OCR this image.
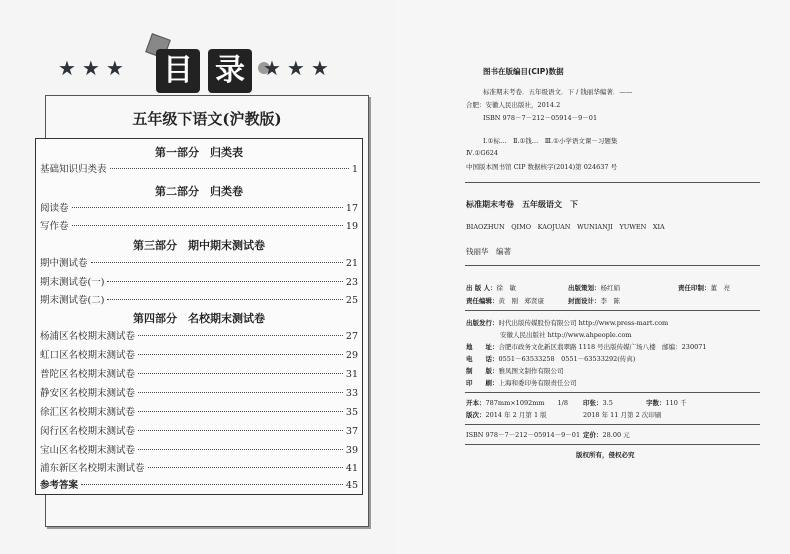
★★★ 目 录 ★★★
五年级下语文(沪教版)
第一部分　归类表
基础知识归类表	1
第二部分　归类卷
阅读卷	17
写作卷	19
第三部分　期中期末测试卷
期中测试卷	21
期末测试卷(一)	23
期末测试卷(二)	25
第四部分　名校期末测试卷
杨浦区名校期末测试卷	27
虹口区名校期末测试卷	29
普陀区名校期末测试卷	31
静安区名校期末测试卷	33
徐汇区名校期末测试卷	35
闵行区名校期末测试卷	37
宝山区名校期末测试卷	39
浦东新区名校期末测试卷	41
参考答案	45
图书在版编目(CIP)数据
标准期末考卷．五年级语文．下 / 钱丽华编著．——
合肥：安徽人民出版社，2014.2
ISBN 978－7－212－05914－9－01
Ⅰ.①标…　Ⅱ.①钱…　Ⅲ.①小学语文课－习题集
Ⅳ.①G624
中国版本图书馆 CIP 数据核字(2014)第 024637 号
标准期末考卷　五年级语文　下
BIAOZHUN　QIMO　KAOJUAN　WUNIANJI　YUWEN　XIA
钱丽华　编著
出 版 人：徐　敏	出版策划：杨红娟	责任印制：董　亮
责任编辑：黄　刚　郑贤康	封面设计：李　陈
出版发行：时代出版传媒股份有限公司 http://www.press-mart.com
安徽人民出版社 http://www.ahpeople.com
地　　址：合肥市政务文化新区翡翠路 1118 号出版传媒广场八楼　邮编：230071
电　　话：0551－63533258　0551－63533292(传真)
制　　版：雅凤图文制作有限公司
印　　刷：上海和委印务有限责任公司
开本：787mm×1092mm　　1/8 印张：3.5	字数：110 千
版次：2014 年 2 月第 1 版	2018 年 11 月第 2 次印刷
ISBN 978－7－212－05914－9－01 定价：28.00 元
版权所有，侵权必究
